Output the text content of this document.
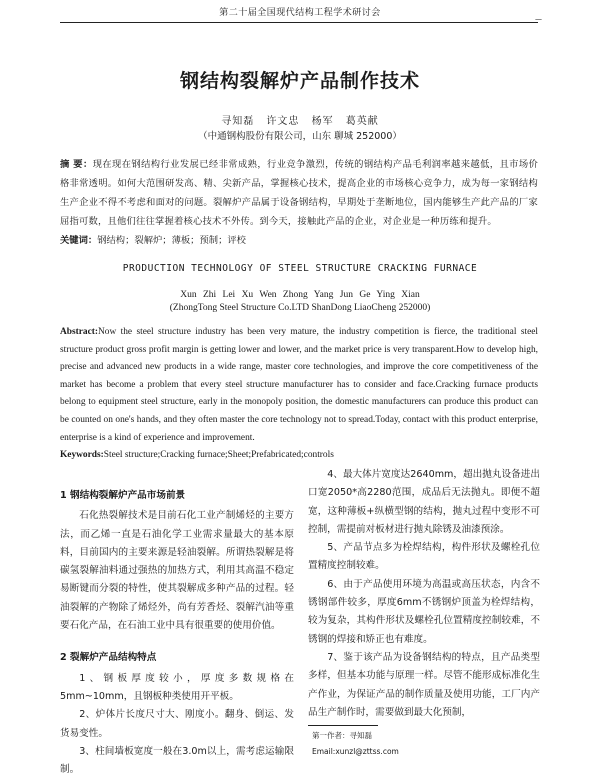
第二十届全国现代结构工程学术研讨会
—
钢结构裂解炉产品制作技术
寻知磊 许文忠 杨军 葛英献
（中通钢构股份有限公司，山东 聊城 252000）
摘 要：现在现在钢结构行业发展已经非常成熟，行业竞争激烈，传统的钢结构产品毛利润率越来越低，且市场价格非常透明。如何大范围研发高、精、尖新产品，掌握核心技术，提高企业的市场核心竞争力，成为每一家钢结构生产企业不得不考虑和面对的问题。裂解炉产品属于设备钢结构，早期处于垄断地位，国内能够生产此产品的厂家屈指可数，且他们往往掌握着核心技术不外传。到今天，接触此产品的企业，对企业是一种历练和提升。
关键词：钢结构；裂解炉；薄板；预制；评校
PRODUCTION TECHNOLOGY OF STEEL STRUCTURE CRACKING FURNACE
Xun Zhi Lei Xu Wen Zhong Yang Jun Ge Ying Xian
(ZhongTong Steel Structure Co.LTD ShanDong LiaoCheng 252000)
Abstract:Now the steel structure industry has been very mature, the industry competition is fierce, the traditional steel structure product gross profit margin is getting lower and lower, and the market price is very transparent.How to develop high, precise and advanced new products in a wide range, master core technologies, and improve the core competitiveness of the market has become a problem that every steel structure manufacturer has to consider and face.Cracking furnace products belong to equipment steel structure, early in the monopoly position, the domestic manufacturers can produce this product can be counted on one's hands, and they often master the core technology not to spread.Today, contact with this product enterprise, enterprise is a kind of experience and improvement.
Keywords:Steel structure;Cracking furnace;Sheet;Prefabricated;controls

1 钢结构裂解炉产品市场前景

石化热裂解技术是目前石化工业产制烯烃的主要方法，而乙烯一直是石油化学工业需求量最大的基本原料，目前国内的主要来源是轻油裂解。所谓热裂解是将碳氢裂解油料通过强热的加热方式，利用其高温不稳定易断键而分裂的特性，使其裂解成多种产品的过程。轻油裂解的产物除了烯烃外，尚有芳香烃、裂解汽油等重要石化产品，在石油工业中具有很重要的使用价值。

2 裂解炉产品结构特点

1、钢板厚度较小，厚度多数规格在5mm~10mm，且钢板种类使用开平板。

2、炉体片长度尺寸大、刚度小。翻身、倒运、发货易变性。

3、柱间墙板宽度一般在3.0m以上，需考虑运输限制。

4、最大体片宽度达2640mm，超出抛丸设备进出口宽2050*高2280范围，成品后无法抛丸。即便不超宽，这种薄板+纵横型钢的结构，抛丸过程中变形不可控制，需提前对板材进行抛丸除锈及油漆预涂。

5、产品节点多为栓焊结构，构件形状及螺栓孔位置精度控制较难。

6、由于产品使用环境为高温或高压状态，内含不锈钢部件较多，厚度6mm不锈钢炉顶盖为栓焊结构，较为复杂，其构件形状及螺栓孔位置精度控制较难，不锈钢的焊接和矫正也有难度。

7、鉴于该产品为设备钢结构的特点，且产品类型多样，但基本功能与原理一样。尽管不能形成标准化生产作业，为保证产品的制作质量及使用功能，工厂内产品生产制作时，需要做到最大化预制，

第一作者：寻知磊
Email:xunzl@zttss.com
